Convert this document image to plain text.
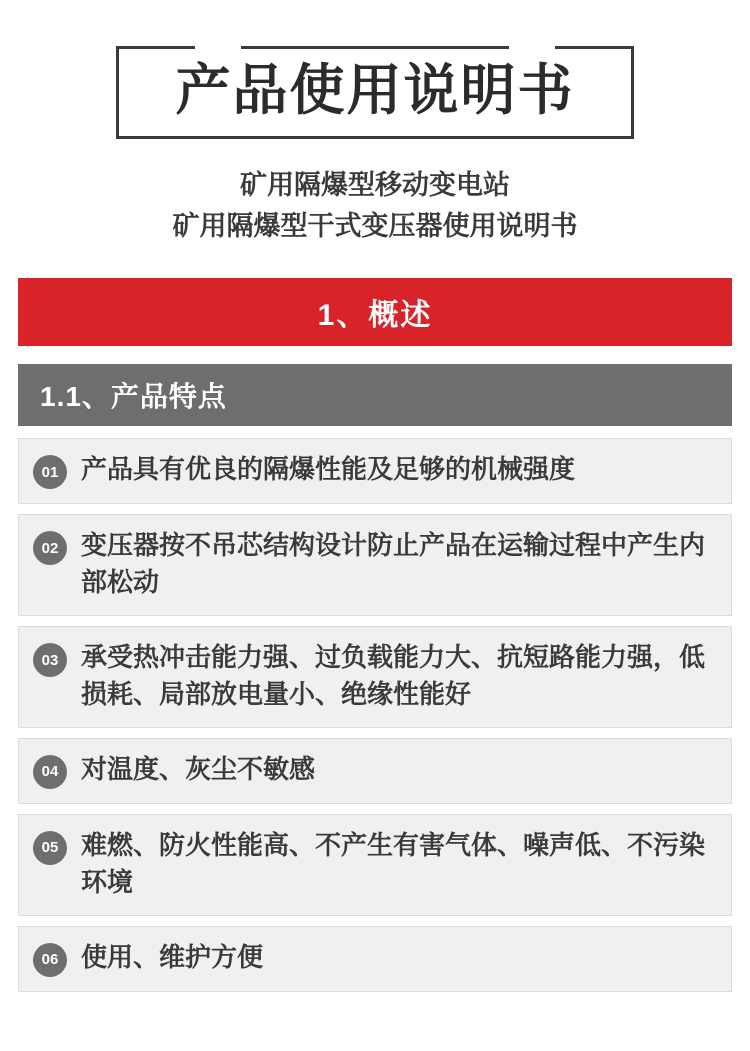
产品使用说明书
矿用隔爆型移动变电站
矿用隔爆型干式变压器使用说明书
1、概述
1.1、产品特点
01 产品具有优良的隔爆性能及足够的机械强度
02 变压器按不吊芯结构设计防止产品在运输过程中产生内部松动
03 承受热冲击能力强、过负载能力大、抗短路能力强，低损耗、局部放电量小、绝缘性能好
04 对温度、灰尘不敏感
05 难燃、防火性能高、不产生有害气体、噪声低、不污染环境
06 使用、维护方便
